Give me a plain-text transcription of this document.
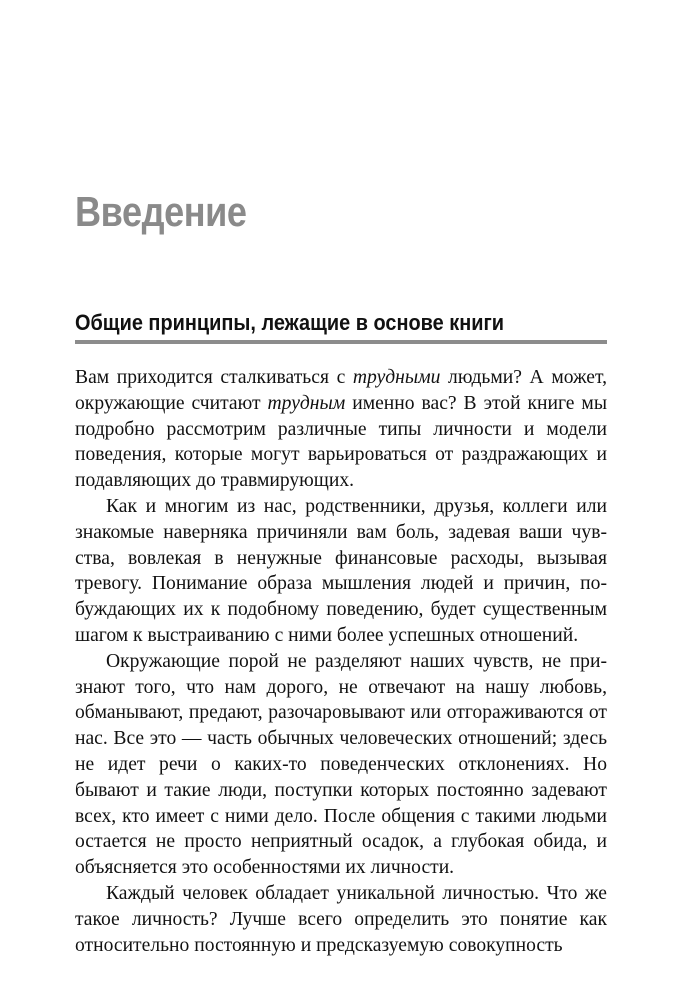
Введение
Общие принципы, лежащие в основе книги

Вам приходится сталкиваться с трудными людьми? А может, окружающие считают трудным именно вас? В этой книге мы подробно рассмотрим различные типы личности и модели поведения, которые могут варьироваться от раздражающих и подавляющих до травмирующих.

Как и многим из нас, родственники, друзья, коллеги или знакомые наверняка причиняли вам боль, задевая ваши чувства, вовлекая в ненужные финансовые расходы, вызывая тревогу. Понимание образа мышления людей и причин, побуждающих их к подобному поведению, будет существенным шагом к выстраиванию с ними более успешных отношений.

Окружающие порой не разделяют наших чувств, не признают того, что нам дорого, не отвечают на нашу любовь, обманывают, предают, разочаровывают или отгораживаются от нас. Все это — часть обычных человеческих отношений; здесь не идет речи о каких-то поведенческих отклонениях. Но бывают и такие люди, поступки которых постоянно задевают всех, кто имеет с ними дело. После общения с такими людьми остается не просто неприятный осадок, а глубокая обида, и объясняется это особенностями их личности.

Каждый человек обладает уникальной личностью. Что же такое личность? Лучше всего определить это понятие как относительно постоянную и предсказуемую совокупность
